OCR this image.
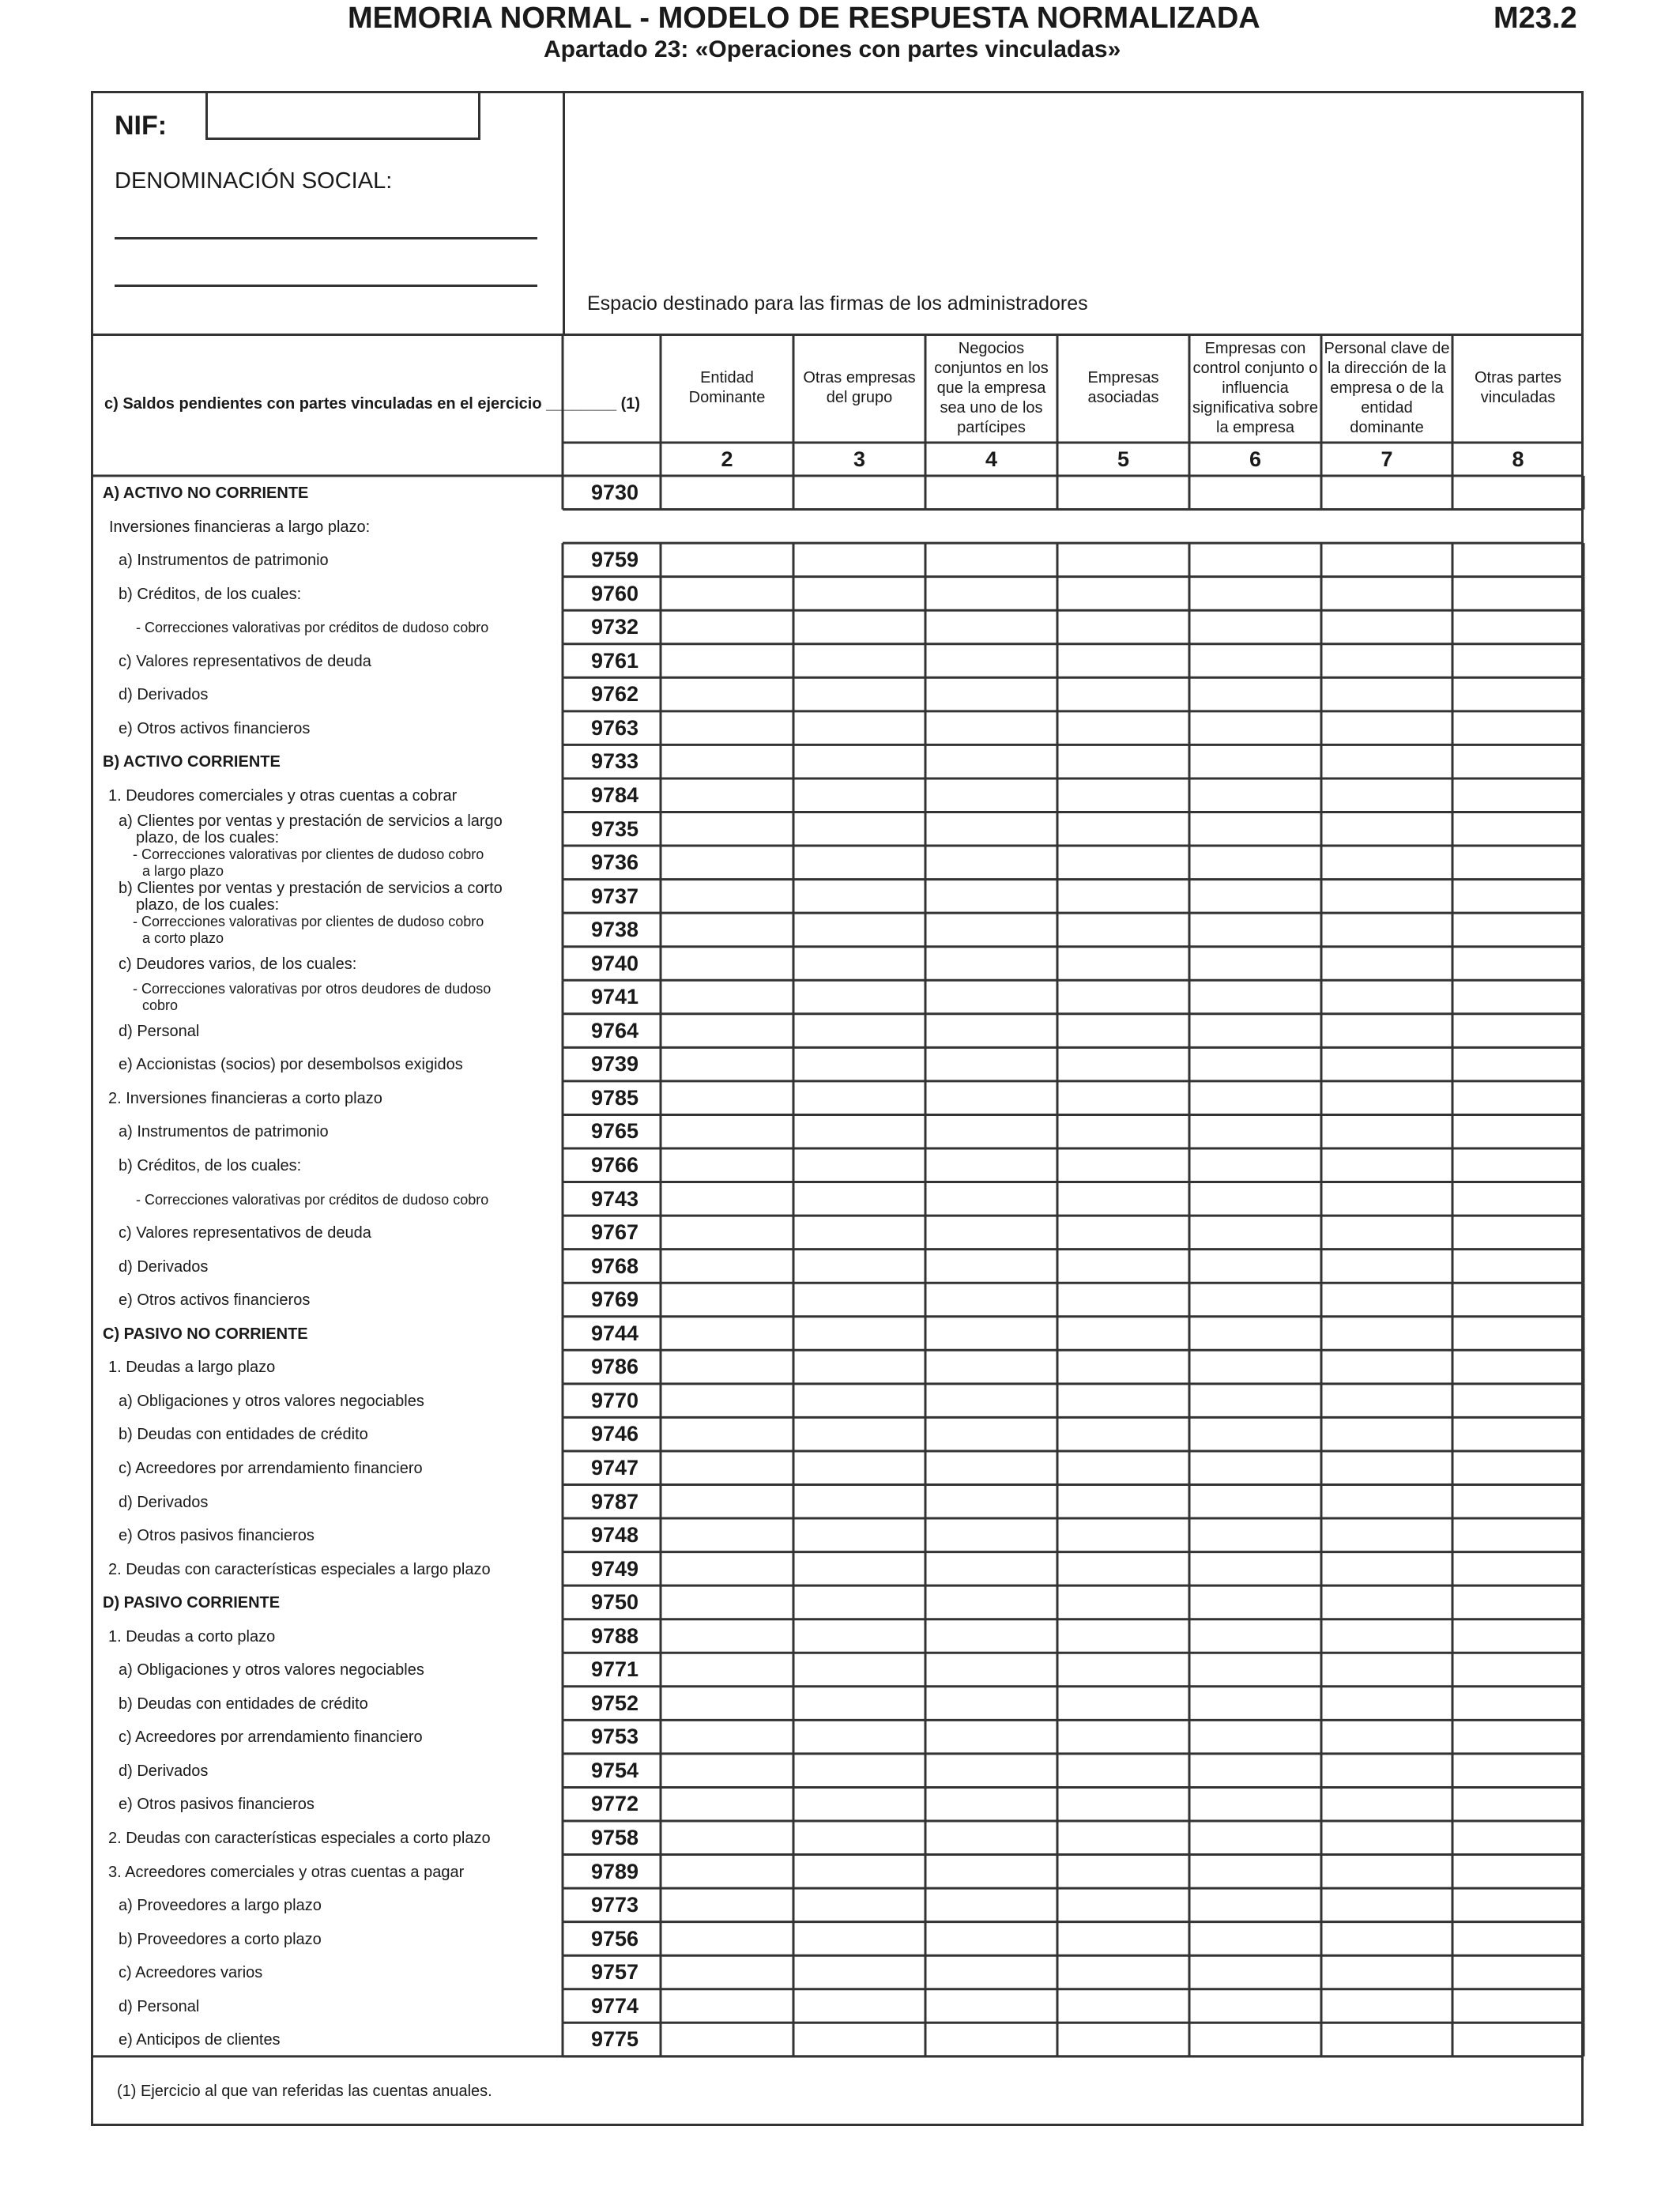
MEMORIA NORMAL - MODELO DE RESPUESTA NORMALIZADA	M23.2
Apartado 23: «Operaciones con partes vinculadas»
NIF:
DENOMINACIÓN SOCIAL:
Espacio destinado para las firmas de los administradores
c) Saldos pendientes con partes vinculadas en el ejercicio ________ (1)
Entidad Dominante
2
Otras empresas del grupo
3
Negocios conjuntos en los que la empresa sea uno de los partícipes
4
Empresas asociadas
5
Empresas con control conjunto o influencia significativa sobre la empresa
6
Personal clave de la dirección de la empresa o de la entidad dominante
7
Otras partes vinculadas
8
9730
A) ACTIVO NO CORRIENTE
Inversiones financieras a largo plazo:
9759
a) Instrumentos de patrimonio
9760
b) Créditos, de los cuales:
9732
- Correcciones valorativas por créditos de dudoso cobro
9761
c) Valores representativos de deuda
9762
d) Derivados
9763
e) Otros activos financieros
9733
B) ACTIVO CORRIENTE
9784
1. Deudores comerciales y otras cuentas a cobrar
9735
a) Clientes por ventas y prestación de servicios a largo
plazo, de los cuales:
9736
- Correcciones valorativas por clientes de dudoso cobro
a largo plazo
9737
b) Clientes por ventas y prestación de servicios a corto
plazo, de los cuales:
9738
- Correcciones valorativas por clientes de dudoso cobro
a corto plazo
9740
c) Deudores varios, de los cuales:
9741
- Correcciones valorativas por otros deudores de dudoso
cobro
9764
d) Personal
9739
e) Accionistas (socios) por desembolsos exigidos
9785
2. Inversiones financieras a corto plazo
9765
a) Instrumentos de patrimonio
9766
b) Créditos, de los cuales:
9743
- Correcciones valorativas por créditos de dudoso cobro
9767
c) Valores representativos de deuda
9768
d) Derivados
9769
e) Otros activos financieros
9744
C) PASIVO NO CORRIENTE
9786
1. Deudas a largo plazo
9770
a) Obligaciones y otros valores negociables
9746
b) Deudas con entidades de crédito
9747
c) Acreedores por arrendamiento financiero
9787
d) Derivados
9748
e) Otros pasivos financieros
9749
2. Deudas con características especiales a largo plazo
9750
D) PASIVO CORRIENTE
9788
1. Deudas a corto plazo
9771
a) Obligaciones y otros valores negociables
9752
b) Deudas con entidades de crédito
9753
c) Acreedores por arrendamiento financiero
9754
d) Derivados
9772
e) Otros pasivos financieros
9758
2. Deudas con características especiales a corto plazo
9789
3. Acreedores comerciales y otras cuentas a pagar
9773
a) Proveedores a largo plazo
9756
b) Proveedores a corto plazo
9757
c) Acreedores varios
9774
d) Personal
9775
e) Anticipos de clientes
(1) Ejercicio al que van referidas las cuentas anuales.
